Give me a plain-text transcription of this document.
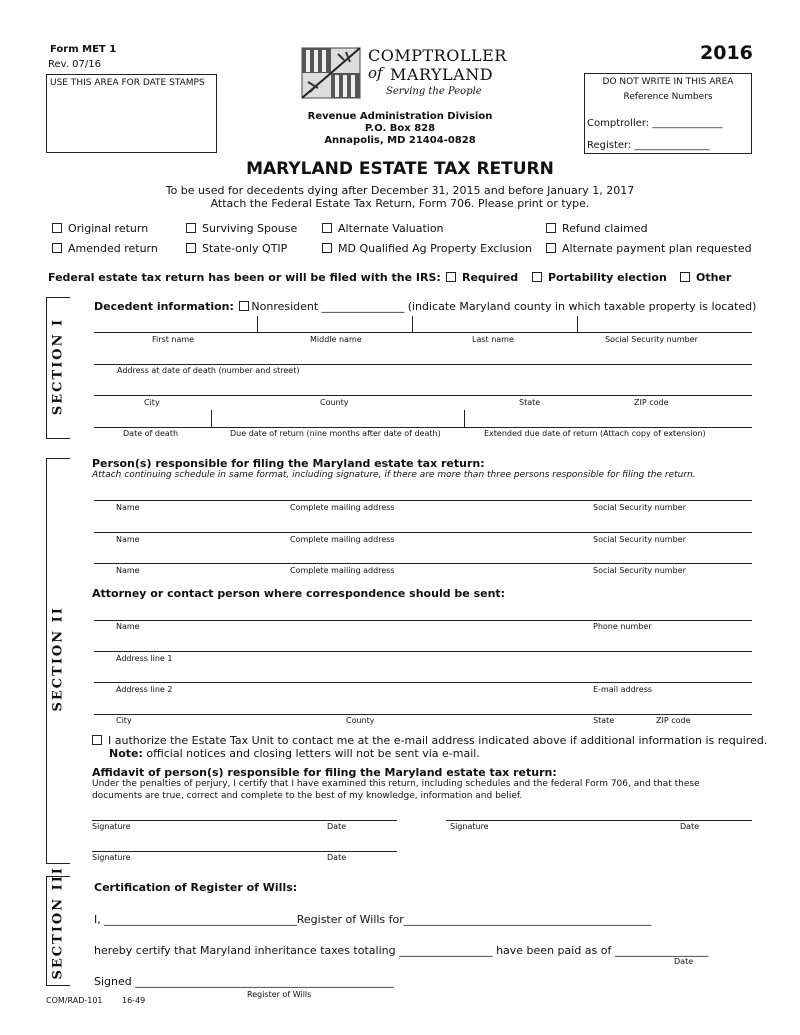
Form MET 1
Rev. 07/16
USE THIS AREA FOR DATE STAMPS
COMPTROLLER
of MARYLAND
Serving the People
2016
Revenue Administration Division
P.O. Box 828
Annapolis, MD 21404-0828
DO NOT WRITE IN THIS AREA
Reference Numbers
Comptroller: ______________
Register: _______________
MARYLAND ESTATE TAX RETURN
To be used for decedents dying after December 31, 2015 and before January 1, 2017
Attach the Federal Estate Tax Return, Form 706. Please print or type.
Original return	Surviving Spouse	Alternate Valuation	Refund claimed
Amended return	State-only QTIP	MD Qualified Ag Property Exclusion	Alternate payment plan requested
Federal estate tax return has been or will be filed with the IRS:	Required	Portability election	Other
SECTION I
Decedent information: Nonresident _______________ (indicate Maryland county in which taxable property is located)
First name	Middle name	Last name	Social Security number
Address at date of death (number and street)
City	County	State	ZIP code
Date of death	Due date of return (nine months after date of death)	Extended due date of return (Attach copy of extension)
SECTION II
Person(s) responsible for filing the Maryland estate tax return:
Attach continuing schedule in same format, including signature, if there are more than three persons responsible for filing the return.
Name	Complete mailing address	Social Security number
Name	Complete mailing address	Social Security number
Name	Complete mailing address	Social Security number
Attorney or contact person where correspondence should be sent:
Name	Phone number
Address line 1
Address line 2	E-mail address
City	County	State	ZIP code
I authorize the Estate Tax Unit to contact me at the e-mail address indicated above if additional information is required.
Note: official notices and closing letters will not be sent via e-mail.
Affidavit of person(s) responsible for filing the Maryland estate tax return:
Under the penalties of perjury, I certify that I have examined this return, including schedules and the federal Form 706, and that these
documents are true, correct and complete to the best of my knowledge, information and belief.
Signature	Date	Signature	Date
Signature	Date
SECTION III	Certification of Register of Wills:
I, ___________________________________Register of Wills for_____________________________________________
hereby certify that Maryland inheritance taxes totaling _________________ have been paid as of _________________
Date
Signed _______________________________________________
Register of Wills
COM/RAD-101 16-49
